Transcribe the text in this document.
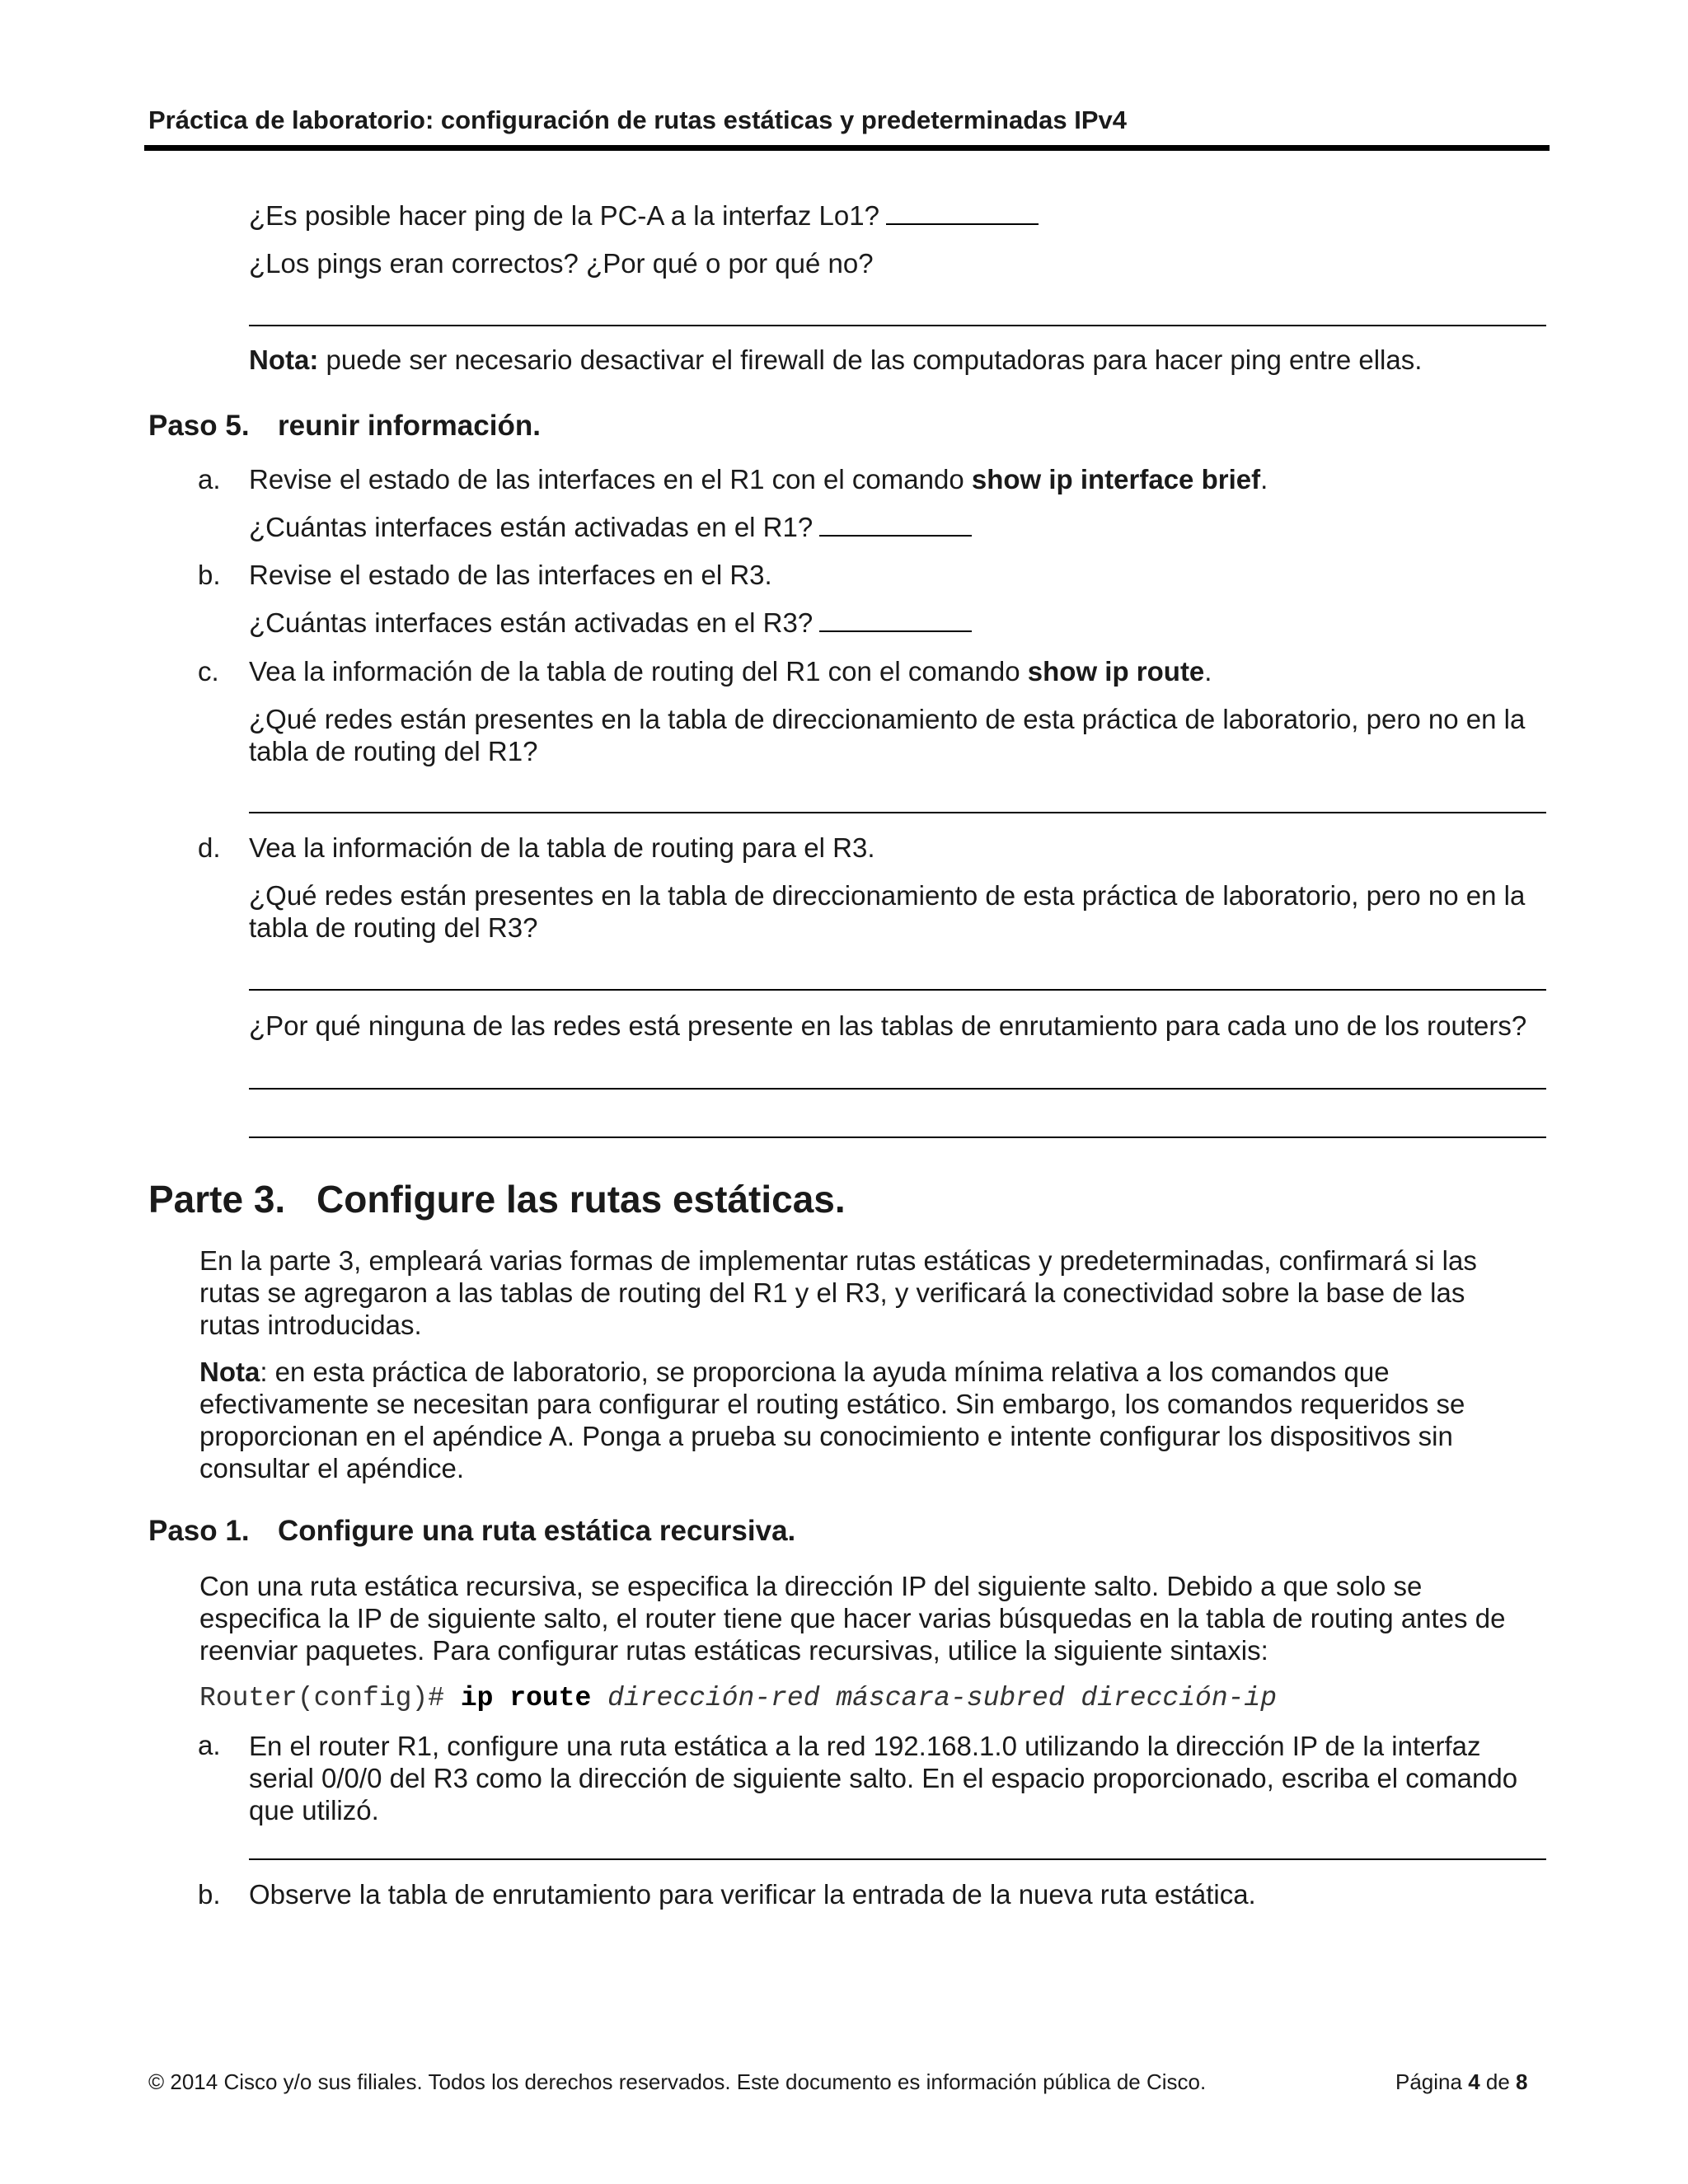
Práctica de laboratorio: configuración de rutas estáticas y predeterminadas IPv4
¿Es posible hacer ping de la PC-A a la interfaz Lo1?
¿Los pings eran correctos? ¿Por qué o por qué no?
Nota: puede ser necesario desactivar el firewall de las computadoras para hacer ping entre ellas.
Paso 5. reunir información.
a. Revise el estado de las interfaces en el R1 con el comando show ip interface brief.
¿Cuántas interfaces están activadas en el R1?
b. Revise el estado de las interfaces en el R3.
¿Cuántas interfaces están activadas en el R3?
c. Vea la información de la tabla de routing del R1 con el comando show ip route.
¿Qué redes están presentes en la tabla de direccionamiento de esta práctica de laboratorio, pero no en la tabla de routing del R1?
d. Vea la información de la tabla de routing para el R3.
¿Qué redes están presentes en la tabla de direccionamiento de esta práctica de laboratorio, pero no en la tabla de routing del R3?
¿Por qué ninguna de las redes está presente en las tablas de enrutamiento para cada uno de los routers?
Parte 3. Configure las rutas estáticas.
En la parte 3, empleará varias formas de implementar rutas estáticas y predeterminadas, confirmará si las rutas se agregaron a las tablas de routing del R1 y el R3, y verificará la conectividad sobre la base de las rutas introducidas.
Nota: en esta práctica de laboratorio, se proporciona la ayuda mínima relativa a los comandos que efectivamente se necesitan para configurar el routing estático. Sin embargo, los comandos requeridos se proporcionan en el apéndice A. Ponga a prueba su conocimiento e intente configurar los dispositivos sin consultar el apéndice.
Paso 1. Configure una ruta estática recursiva.
Con una ruta estática recursiva, se especifica la dirección IP del siguiente salto. Debido a que solo se especifica la IP de siguiente salto, el router tiene que hacer varias búsquedas en la tabla de routing antes de reenviar paquetes. Para configurar rutas estáticas recursivas, utilice la siguiente sintaxis:
Router(config)# ip route dirección-red máscara-subred dirección-ip
a. En el router R1, configure una ruta estática a la red 192.168.1.0 utilizando la dirección IP de la interfaz serial 0/0/0 del R3 como la dirección de siguiente salto. En el espacio proporcionado, escriba el comando que utilizó.
b. Observe la tabla de enrutamiento para verificar la entrada de la nueva ruta estática.
© 2014 Cisco y/o sus filiales. Todos los derechos reservados. Este documento es información pública de Cisco.	Página 4 de 8
